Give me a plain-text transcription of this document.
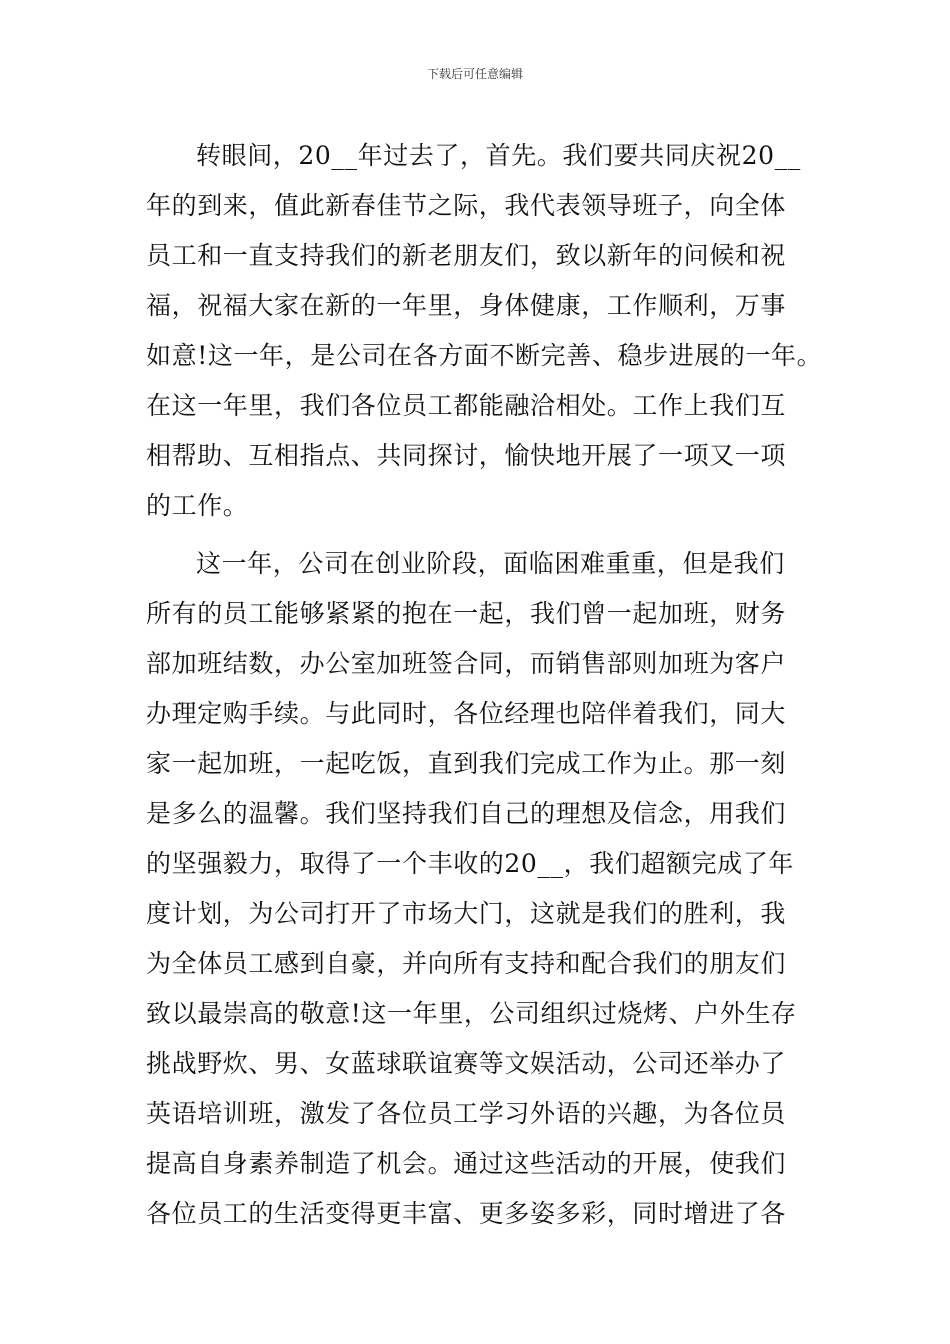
下载后可任意编辑
转眼间，20__年过去了，首先。我们要共同庆祝20__
年的到来，值此新春佳节之际，我代表领导班子，向全体
员工和一直支持我们的新老朋友们，致以新年的问候和祝
福，祝福大家在新的一年里，身体健康，工作顺利，万事
如意!这一年，是公司在各方面不断完善、稳步进展的一年。
在这一年里，我们各位员工都能融洽相处。工作上我们互
相帮助、互相指点、共同探讨，愉快地开展了一项又一项
的工作。
这一年，公司在创业阶段，面临困难重重，但是我们
所有的员工能够紧紧的抱在一起，我们曾一起加班，财务
部加班结数，办公室加班签合同，而销售部则加班为客户
办理定购手续。与此同时，各位经理也陪伴着我们，同大
家一起加班，一起吃饭，直到我们完成工作为止。那一刻
是多么的温馨。我们坚持我们自己的理想及信念，用我们
的坚强毅力，取得了一个丰收的20__，我们超额完成了年
度计划，为公司打开了市场大门，这就是我们的胜利，我
为全体员工感到自豪，并向所有支持和配合我们的朋友们
致以最崇高的敬意!这一年里，公司组织过烧烤、户外生存
挑战野炊、男、女蓝球联谊赛等文娱活动，公司还举办了
英语培训班，激发了各位员工学习外语的兴趣，为各位员
提高自身素养制造了机会。通过这些活动的开展，使我们
各位员工的生活变得更丰富、更多姿多彩，同时增进了各
